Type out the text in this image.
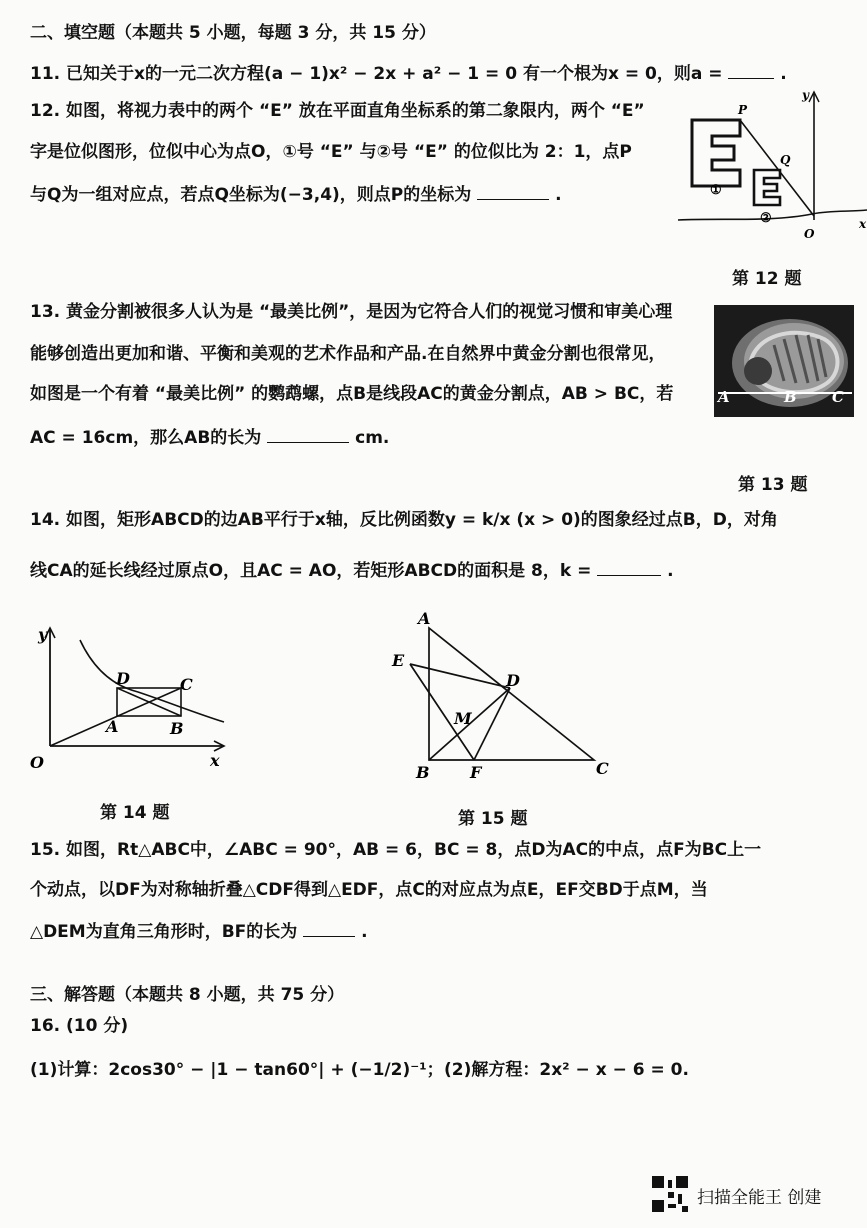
二、填空题（本题共 5 小题，每题 3 分，共 15 分）
11. 已知关于x的一元二次方程(a − 1)x² − 2x + a² − 1 = 0 有一个根为x = 0，则a =	.
12. 如图，将视力表中的两个 “E” 放在平面直角坐标系的第二象限内，两个 “E”
字是位似图形，位似中心为点O，①号 “E” 与②号 “E” 的位似比为 2：1，点P
与Q为一组对应点，若点Q坐标为(−3,4)，则点P的坐标为	.
y
x
O
P
Q
①
②
第 12 题
13. 黄金分割被很多人认为是 “最美比例”，是因为它符合人们的视觉习惯和审美心理
能够创造出更加和谐、平衡和美观的艺术作品和产品.在自然界中黄金分割也很常见，
如图是一个有着 “最美比例” 的鹦鹉螺，点B是线段AC的黄金分割点，AB > BC，若
AC = 16cm，那么AB的长为	cm.
A	B C
第 13 题
14. 如图，矩形ABCD的边AB平行于x轴，反比例函数y = k/x (x > 0)的图象经过点B，D，对角
线CA的延长线经过原点O，且AC = AO，若矩形ABCD的面积是 8，k =	.
y
x
O
A	B
C
D
第 14 题
A
B	C
D
E
F
M
第 15 题
15. 如图，Rt△ABC中，∠ABC = 90°，AB = 6，BC = 8，点D为AC的中点，点F为BC上一
个动点，以DF为对称轴折叠△CDF得到△EDF，点C的对应点为点E，EF交BD于点M，当
△DEM为直角三角形时，BF的长为	.
三、解答题（本题共 8 小题，共 75 分）
16. (10 分)
(1)计算：2cos30° − |1 − tan60°| + (−1/2)⁻¹； (2)解方程：2x² − x − 6 = 0.
扫描全能王 创建
